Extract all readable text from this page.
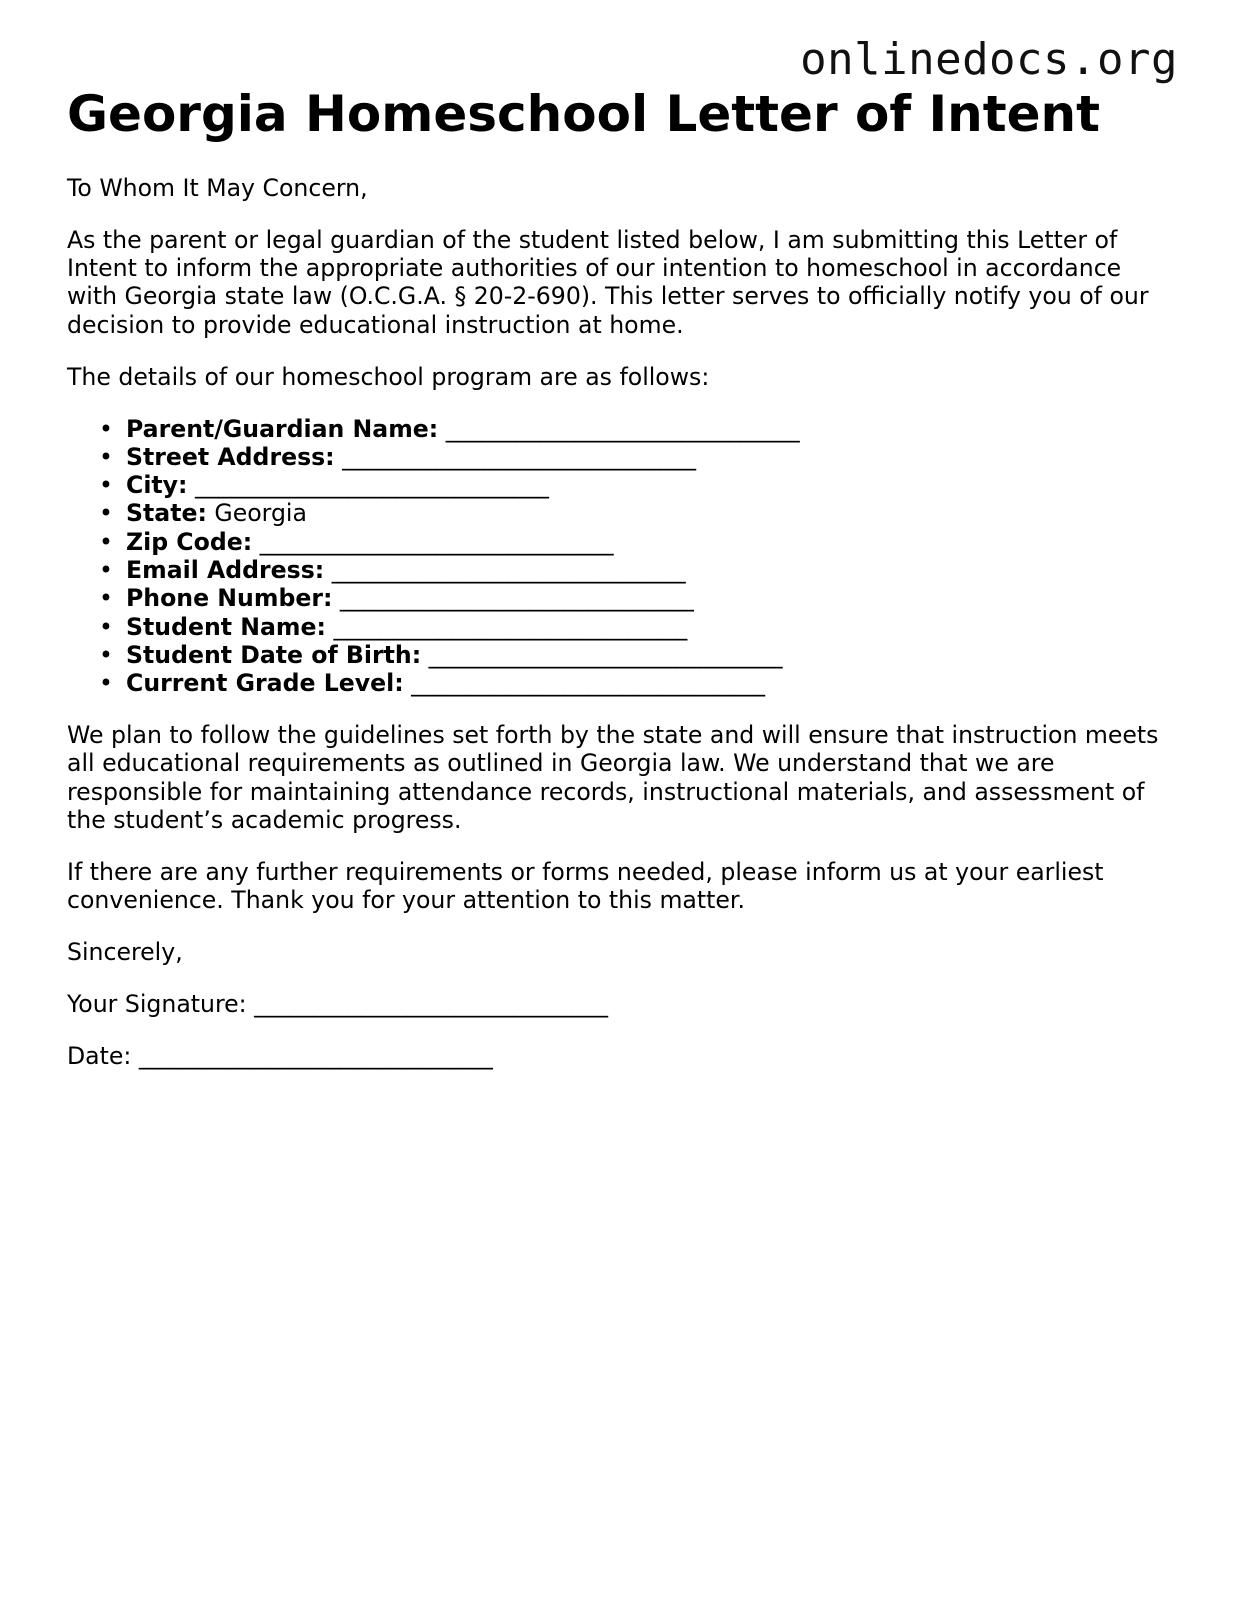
onlinedocs.org
Georgia Homeschool Letter of Intent

To Whom It May Concern,

As the parent or legal guardian of the student listed below, I am submitting this Letter of Intent to inform the appropriate authorities of our intention to homeschool in accordance with Georgia state law (O.C.G.A. § 20-2-690). This letter serves to officially notify you of our decision to provide educational instruction at home.

The details of our homeschool program are as follows:

• Parent/Guardian Name: ______________________________
• Street Address: ______________________________
• City: ______________________________
• State: Georgia
• Zip Code: ______________________________
• Email Address: ______________________________
• Phone Number: ______________________________
• Student Name: ______________________________
• Student Date of Birth: ______________________________
• Current Grade Level: ______________________________

We plan to follow the guidelines set forth by the state and will ensure that instruction meets all educational requirements as outlined in Georgia law. We understand that we are responsible for maintaining attendance records, instructional materials, and assessment of the student’s academic progress.

If there are any further requirements or forms needed, please inform us at your earliest convenience. Thank you for your attention to this matter.

Sincerely,

Your Signature: ______________________________

Date: ______________________________
